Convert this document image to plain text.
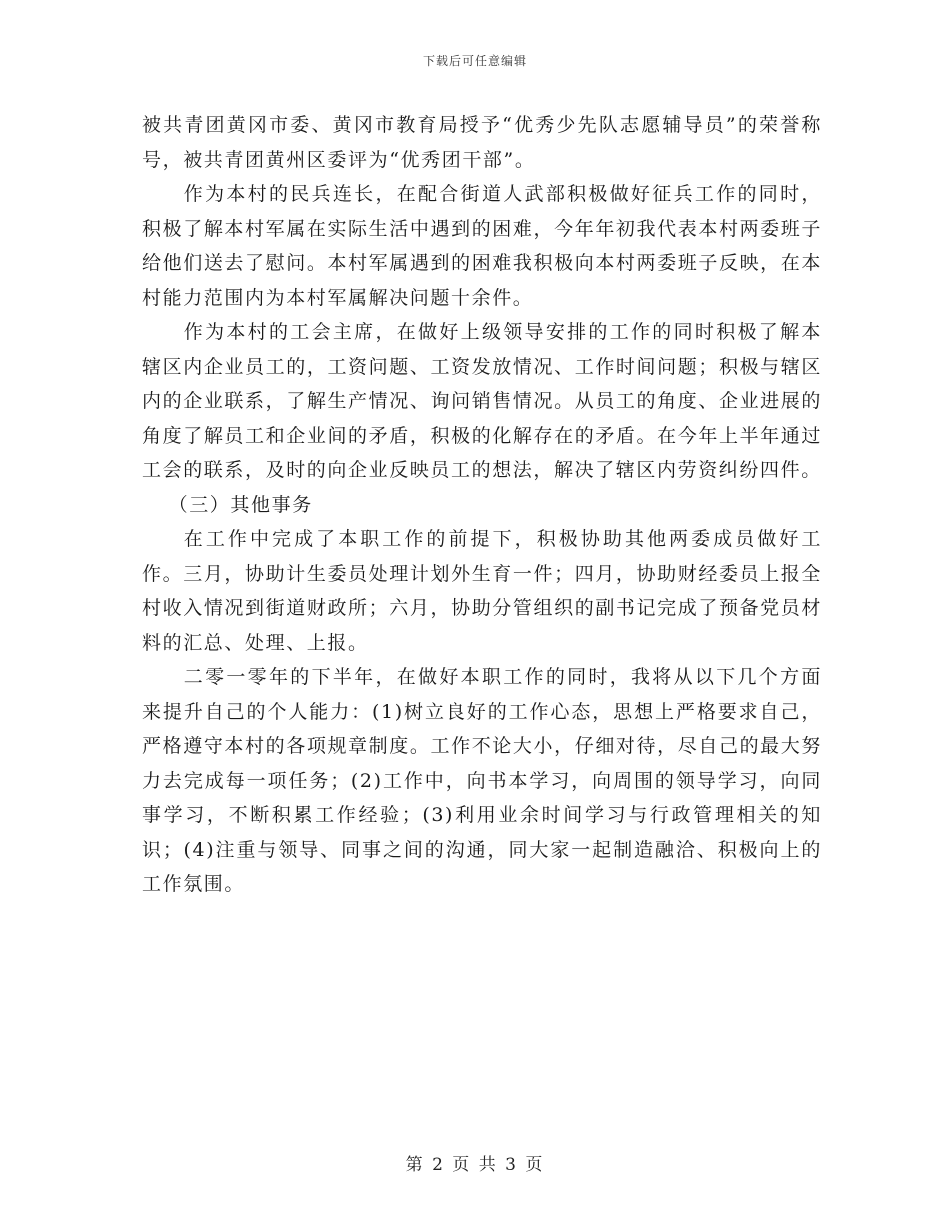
下载后可任意编辑

被共青团黄冈市委、黄冈市教育局授予“优秀少先队志愿辅导员”的荣誉称号，被共青团黄州区委评为“优秀团干部”。

作为本村的民兵连长，在配合街道人武部积极做好征兵工作的同时，积极了解本村军属在实际生活中遇到的困难，今年年初我代表本村两委班子给他们送去了慰问。本村军属遇到的困难我积极向本村两委班子反映，在本村能力范围内为本村军属解决问题十余件。

作为本村的工会主席，在做好上级领导安排的工作的同时积极了解本辖区内企业员工的，工资问题、工资发放情况、工作时间问题；积极与辖区内的企业联系，了解生产情况、询问销售情况。从员工的角度、企业进展的角度了解员工和企业间的矛盾，积极的化解存在的矛盾。在今年上半年通过工会的联系，及时的向企业反映员工的想法，解决了辖区内劳资纠纷四件。

（三）其他事务

在工作中完成了本职工作的前提下，积极协助其他两委成员做好工作。三月，协助计生委员处理计划外生育一件；四月，协助财经委员上报全村收入情况到街道财政所；六月，协助分管组织的副书记完成了预备党员材料的汇总、处理、上报。

二零一零年的下半年，在做好本职工作的同时，我将从以下几个方面来提升自己的个人能力：(1)树立良好的工作心态，思想上严格要求自己，严格遵守本村的各项规章制度。工作不论大小，仔细对待，尽自己的最大努力去完成每一项任务；(2)工作中，向书本学习，向周围的领导学习，向同事学习，不断积累工作经验；(3)利用业余时间学习与行政管理相关的知识；(4)注重与领导、同事之间的沟通，同大家一起制造融洽、积极向上的工作氛围。

第 2 页 共 3 页
